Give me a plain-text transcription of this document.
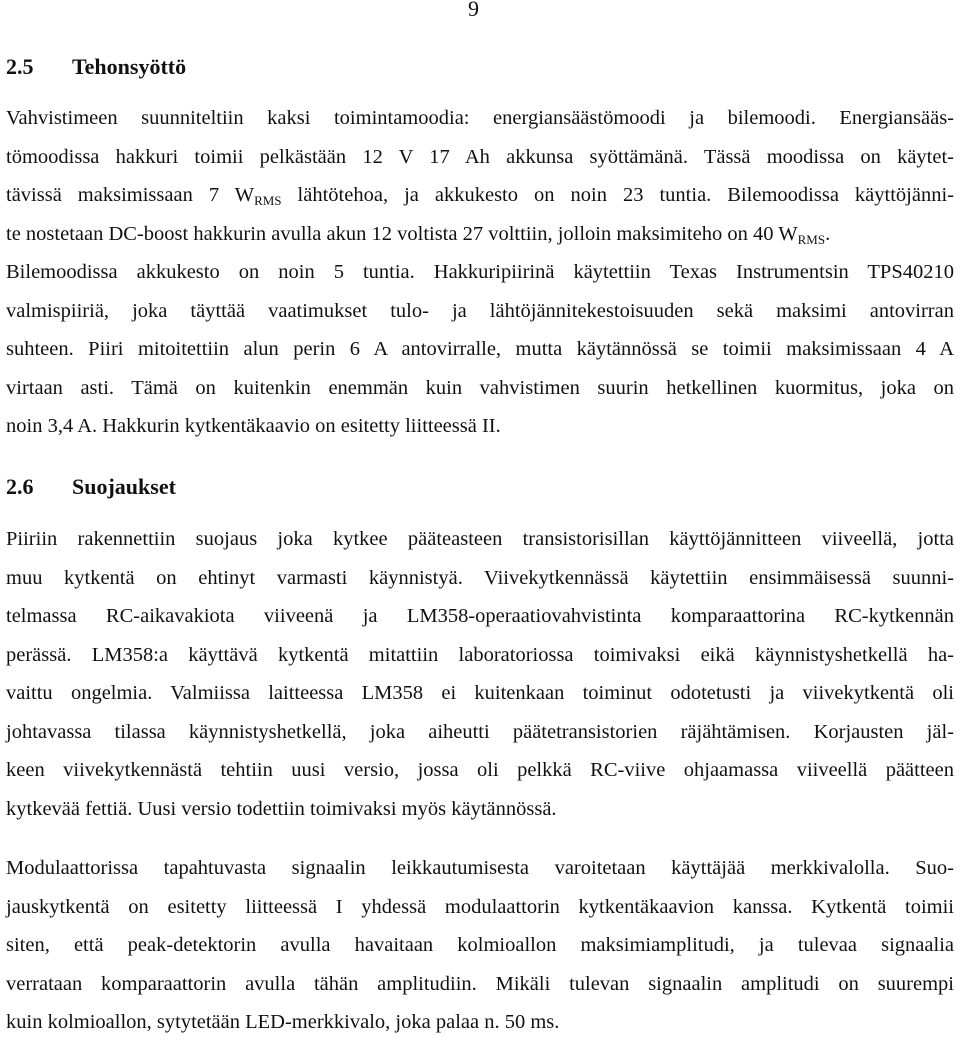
9
2.5 Tehonsyöttö
Vahvistimeen suunniteltiin kaksi toimintamoodia: energiansäästömoodi ja bilemoodi. Energiansääs-
tömoodissa hakkuri toimii pelkästään 12 V 17 Ah akkunsa syöttämänä. Tässä moodissa on käytet-
tävissä maksimissaan 7 $W_{RMS}$ lähtötehoa, ja akkukesto on noin 23 tuntia. Bilemoodissa käyttöjänni-
te nostetaan DC-boost hakkurin avulla akun 12 voltista 27 volttiin, jolloin maksimiteho on 40 $W_{RMS}$.
Bilemoodissa akkukesto on noin 5 tuntia. Hakkuripiirinä käytettiin Texas Instrumentsin TPS40210
valmispiiriä, joka täyttää vaatimukset tulo- ja lähtöjännitekestoisuuden sekä maksimi antovirran
suhteen. Piiri mitoitettiin alun perin 6 A antovirralle, mutta käytännössä se toimii maksimissaan 4 A
virtaan asti. Tämä on kuitenkin enemmän kuin vahvistimen suurin hetkellinen kuormitus, joka on
noin 3,4 A. Hakkurin kytkentäkaavio on esitetty liitteessä II.
2.6 Suojaukset
Piiriin rakennettiin suojaus joka kytkee pääteasteen transistorisillan käyttöjännitteen viiveellä, jotta
muu kytkentä on ehtinyt varmasti käynnistyä. Viivekytkennässä käytettiin ensimmäisessä suunni-
telmassa RC-aikavakiota viiveenä ja LM358-operaatiovahvistinta komparaattorina RC-kytkennän
perässä. LM358:a käyttävä kytkentä mitattiin laboratoriossa toimivaksi eikä käynnistyshetkellä ha-
vaittu ongelmia. Valmiissa laitteessa LM358 ei kuitenkaan toiminut odotetusti ja viivekytkentä oli
johtavassa tilassa käynnistyshetkellä, joka aiheutti päätetransistorien räjähtämisen. Korjausten jäl-
keen viivekytkennästä tehtiin uusi versio, jossa oli pelkkä RC-viive ohjaamassa viiveellä päätteen
kytkevää fettiä. Uusi versio todettiin toimivaksi myös käytännössä.
Modulaattorissa tapahtuvasta signaalin leikkautumisesta varoitetaan käyttäjää merkkivalolla. Suo-
jauskytkentä on esitetty liitteessä I yhdessä modulaattorin kytkentäkaavion kanssa. Kytkentä toimii
siten, että peak-detektorin avulla havaitaan kolmioallon maksimiamplitudi, ja tulevaa signaalia
verrataan komparaattorin avulla tähän amplitudiin. Mikäli tulevan signaalin amplitudi on suurempi
kuin kolmioallon, sytytetään LED-merkkivalo, joka palaa n. 50 ms.
